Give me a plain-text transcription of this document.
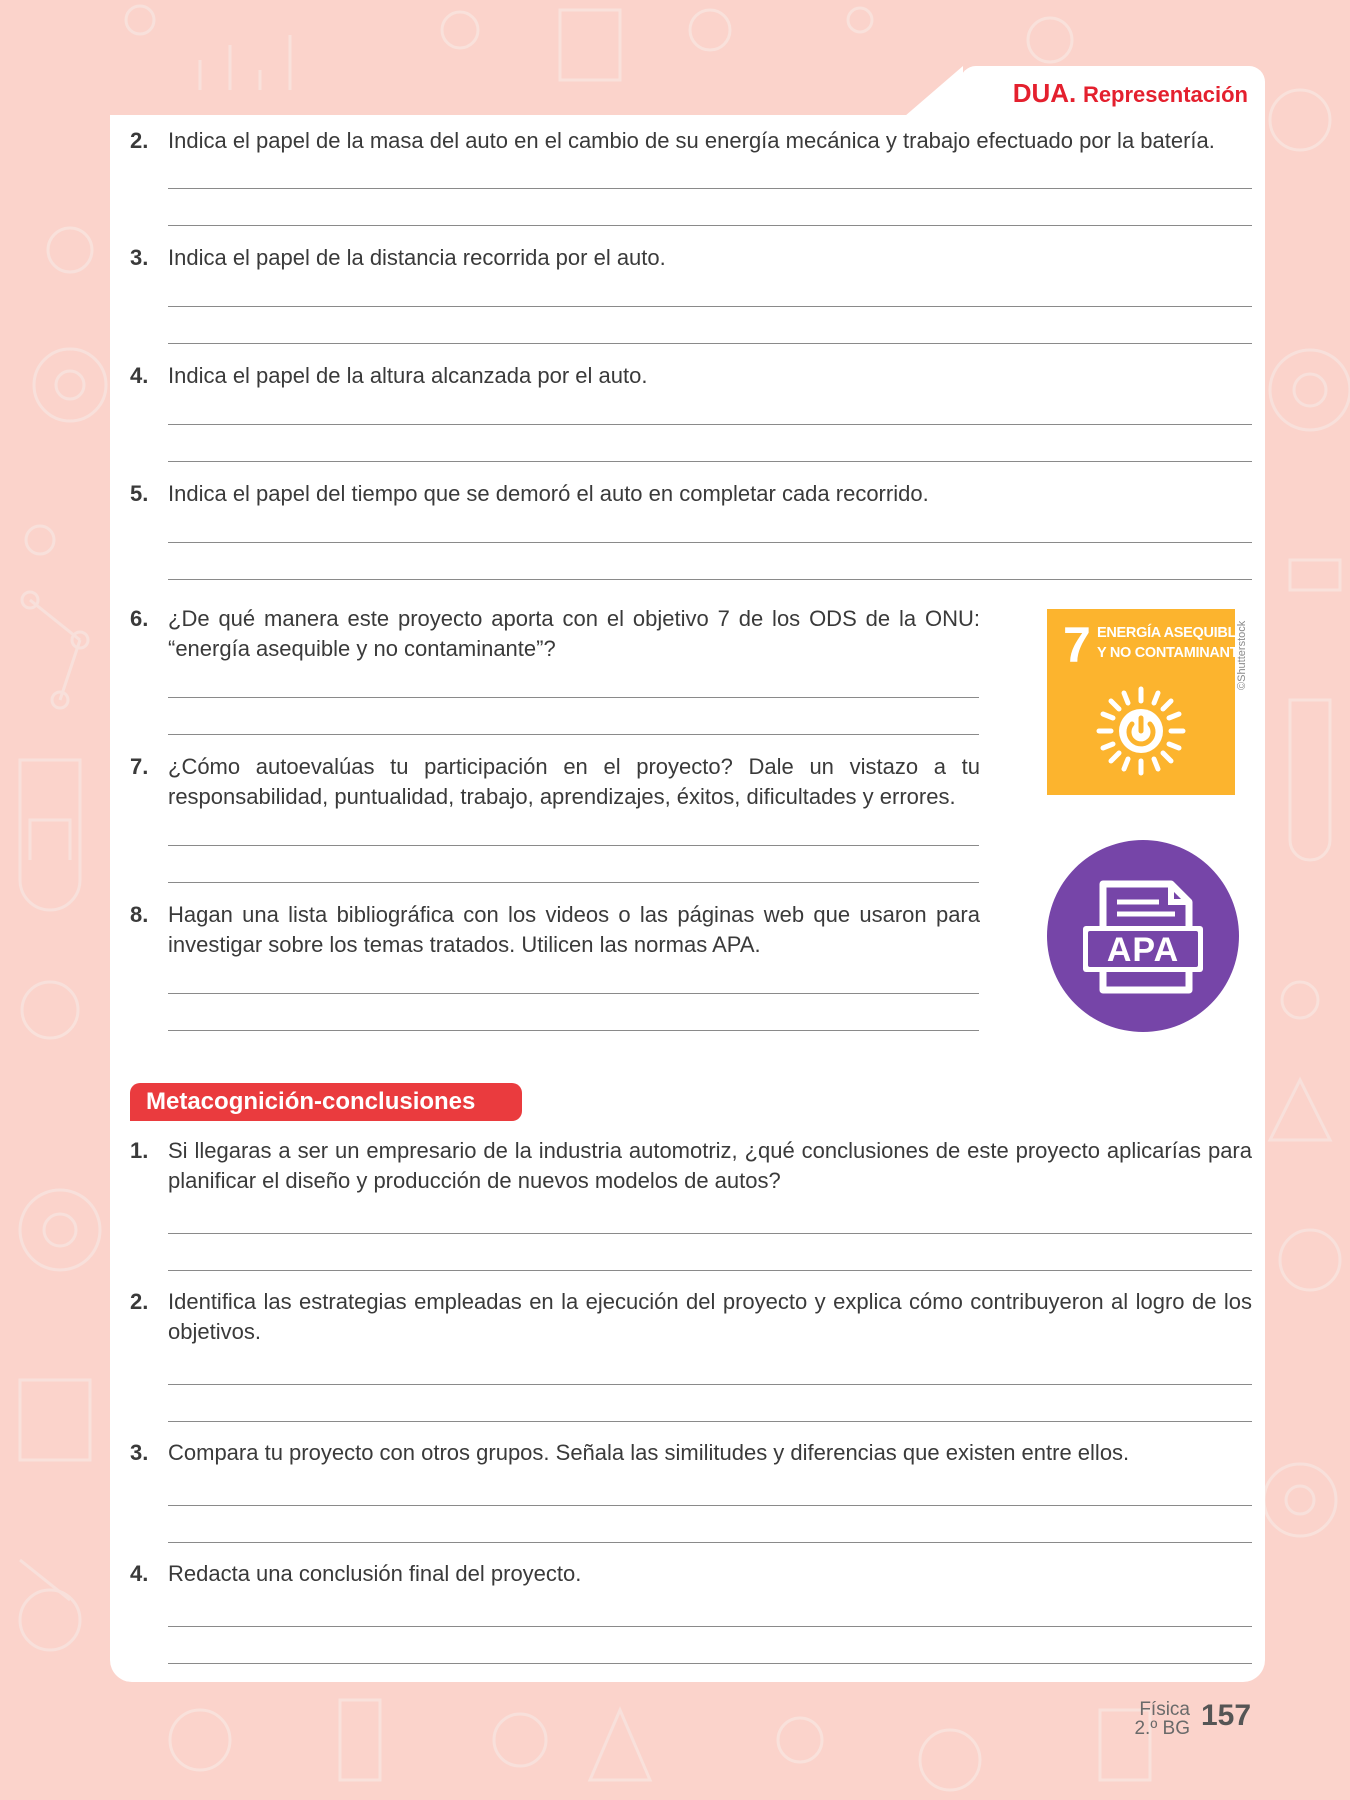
DUA. Representación
2. Indica el papel de la masa del auto en el cambio de su energía mecánica y trabajo efectuado por la batería.
3. Indica el papel de la distancia recorrida por el auto.
4. Indica el papel de la altura alcanzada por el auto.
5. Indica el papel del tiempo que se demoró el auto en completar cada recorrido.
6. ¿De qué manera este proyecto aporta con el objetivo 7 de los ODS de la ONU: “energía asequible y no contaminante”?
7. ¿Cómo autoevalúas tu participación en el proyecto? Dale un vistazo a tu responsabilidad, puntualidad, trabajo, aprendizajes, éxitos, dificultades y errores.
8. Hagan una lista bibliográfica con los videos o las páginas web que usaron para investigar sobre los temas tratados. Utilicen las normas APA.
7 ENERGÍA ASEQUIBLE
Y NO CONTAMINANTE
©Shutterstock
APA
Metacognición-conclusiones
1. Si llegaras a ser un empresario de la industria automotriz, ¿qué conclusiones de este proyecto aplicarías para planificar el diseño y producción de nuevos modelos de autos?
2. Identifica las estrategias empleadas en la ejecución del proyecto y explica cómo contribuyeron al logro de los objetivos.
3. Compara tu proyecto con otros grupos. Señala las similitudes y diferencias que existen entre ellos.
4. Redacta una conclusión final del proyecto.
Física
2.º BG 157
